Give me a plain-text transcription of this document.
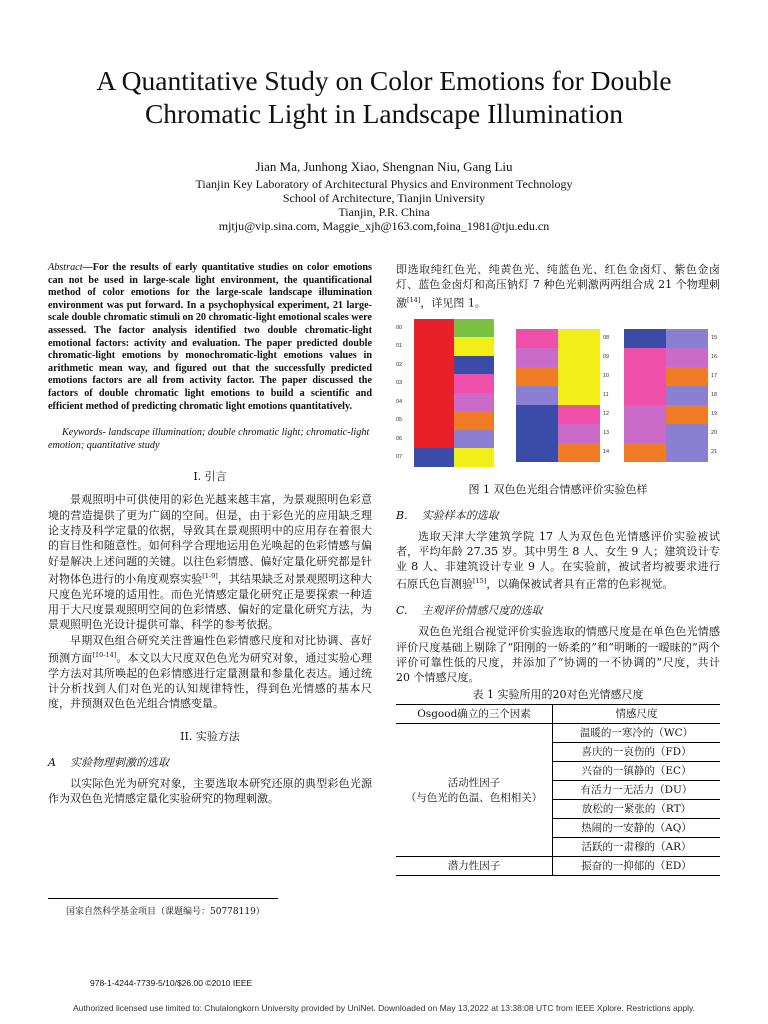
A Quantitative Study on Color Emotions for Double
Chromatic Light in Landscape Illumination
Jian Ma, Junhong Xiao, Shengnan Niu, Gang Liu
Tianjin Key Laboratory of Architectural Physics and Environment Technology
School of Architecture, Tianjin University
Tianjin, P.R. China
mjtju@vip.sina.com, Maggie_xjh@163.com,foina_1981@tju.edu.cn
Abstract—For the results of early quantitative studies on color emotions can not be used in large-scale light environment, the quantificational method of color emotions for the large-scale landscape illumination environment was put forward. In a psychophysical experiment, 21 large-scale double chromatic stimuli on 20 chromatic-light emotional scales were assessed. The factor analysis identified two double chromatic-light emotional factors: activity and evaluation. The paper predicted double chromatic-light emotions by monochromatic-light emotions values in arithmetic mean way, and figured out that the successfully predicted emotions factors are all from activity factor. The paper discussed the factors of double chromatic light emotions to build a scientific and efficient method of predicting chromatic light emotions quantitatively.
Keywords- landscape illumination; double chromatic light; chromatic-light emotion; quantitative study
I. 引言
景观照明中可供使用的彩色光越来越丰富，为景观照明色彩意境的营造提供了更为广阔的空间。但是，由于彩色光的应用缺乏理论支持及科学定量的依据，导致其在景观照明中的应用存在着很大的盲目性和随意性。如何科学合理地运用色光唤起的色彩情感与偏好是解决上述问题的关键。以往色彩情感、偏好定量化研究都是针对物体色进行的小角度观察实验[1-9]，其结果缺乏对景观照明这种大尺度色光环境的适用性。而色光情感定量化研究正是要探索一种适用于大尺度景观照明空间的色彩情感、偏好的定量化研究方法，为景观照明色光设计提供可靠、科学的参考依据。
早期双色组合研究关注普遍性色彩情感尺度和对比协调、喜好预测方面[10-14]。本文以大尺度双色色光为研究对象，通过实验心理学方法对其所唤起的色彩情感进行定量测量和参量化表达。通过统计分析找到人们对色光的认知规律特性，得到色光情感的基本尺度，并预测双色色光组合情感变量。
II. 实验方法
A 实验物理刺激的选取
以实际色光为研究对象，主要选取本研究还原的典型彩色光源作为双色色光情感定量化实验研究的物理刺激。
即选取纯红色光、纯黄色光、纯蓝色光、红色金卤灯、紫色金卤灯、蓝色金卤灯和高压钠灯 7 种色光刺激两两组合成 21 个物理刺激[14]，详见图 1。
00
01
02
03
04
05
06
07
08
09
10
11
12
13
14
15
16
17
18
19
20
21
图 1 双色色光组合情感评价实验色样
B. 实验样本的选取
选取天津大学建筑学院 17 人为双色色光情感评价实验被试者，平均年龄 27.35 岁。其中男生 8 人、女生 9 人；建筑设计专业 8 人、非建筑设计专业 9 人。在实验前，被试者均被要求进行石原氏色盲测验[15]，以确保被试者具有正常的色彩视觉。
C. 主观评价情感尺度的选取
双色色光组合视觉评价实验选取的情感尺度是在单色色光情感评价尺度基础上剔除了“阳刚的一娇柔的”和“明晰的一暧昧的”两个评价可靠性低的尺度，并添加了“协调的一不协调的”尺度，共计 20 个情感尺度。
表 1 实验所用的20对色光情感尺度
Osgood确立的三个因素	情感尺度

活动性因子
（与色光的色温、色相相关）	温暖的一寒冷的（WC）
	喜庆的一哀伤的（FD）
	兴奋的一镇静的（EC）
	有活力一无活力（DU）
	放松的一紧张的（RT）
	热闹的一安静的（AQ）
	活跃的一肃穆的（AR）
潜力性因子	振奋的一抑郁的（ED）
国家自然科学基金项目（课题编号：50778119）
978-1-4244-7739-5/10/$26.00 ©2010 IEEE
Authorized licensed use limited to: Chulalongkorn University provided by UniNet. Downloaded on May 13,2022 at 13:38:08 UTC from IEEE Xplore. Restrictions apply.
